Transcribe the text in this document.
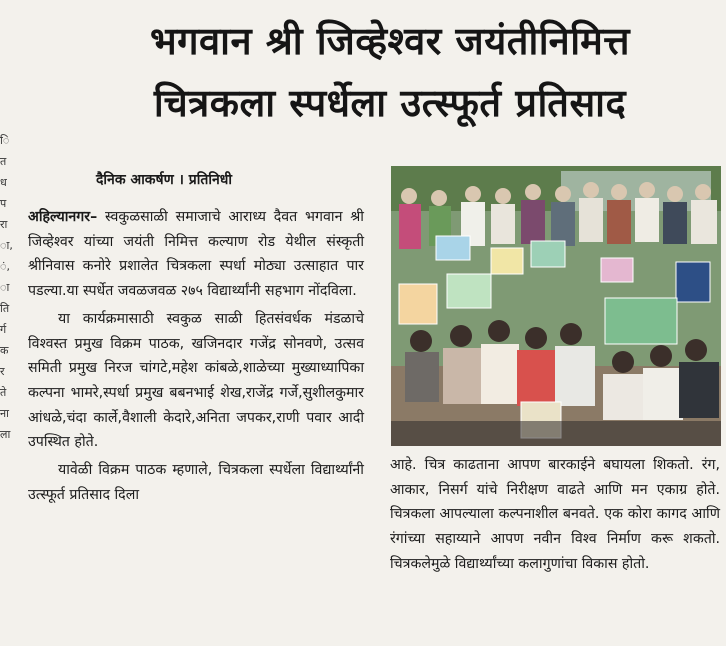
भगवान श्री जिव्हेश्वर जयंतीनिमित्त
चित्रकला स्पर्धेला उत्स्फूर्त प्रतिसाद
ि
त
ध
प
रा
ा,
ं,
ा
ति
र्ग
क
र
ते
ना
ला
दैनिक आकर्षण । प्रतिनिधी

अहिल्यानगर– स्वकुळसाळी समाजाचे आराध्य दैवत भगवान श्री जिव्हेश्वर यांच्या जयंती निमित्त कल्याण रोड येथील संस्कृती श्रीनिवास कनोरे प्रशालेत चित्रकला स्पर्धा मोठ्या उत्साहात पार पडल्या.या स्पर्धेत जवळजवळ २७५ विद्यार्थ्यांनी सहभाग नोंदविला.

या कार्यक्रमासाठी स्वकुळ साळी हितसंवर्धक मंडळाचे विश्वस्त प्रमुख विक्रम पाठक, खजिनदार गजेंद्र सोनवणे, उत्सव समिती प्रमुख निरज चांगटे,महेश कांबळे,शाळेच्या मुख्याध्यापिका कल्पना भामरे,स्पर्धा प्रमुख बबनभाई शेख,राजेंद्र गर्जे,सुशीलकुमार आंधळे,चंदा कार्ले,वैशाली केदारे,अनिता जपकर,राणी पवार आदी उपस्थित होते.

यावेळी विक्रम पाठक म्हणाले, चित्रकला स्पर्धेला विद्यार्थ्यांनी उत्स्फूर्त प्रतिसाद दिला

आहे. चित्र काढताना आपण बारकाईने बघायला शिकतो. रंग, आकार, निसर्ग यांचे निरीक्षण वाढते आणि मन एकाग्र होते. चित्रकला आपल्याला कल्पनाशील बनवते. एक कोरा कागद आणि रंगांच्या सहाय्याने आपण नवीन विश्व निर्माण करू शकतो. चित्रकलेमुळे विद्यार्थ्यांच्या कलागुणांचा विकास होतो.
